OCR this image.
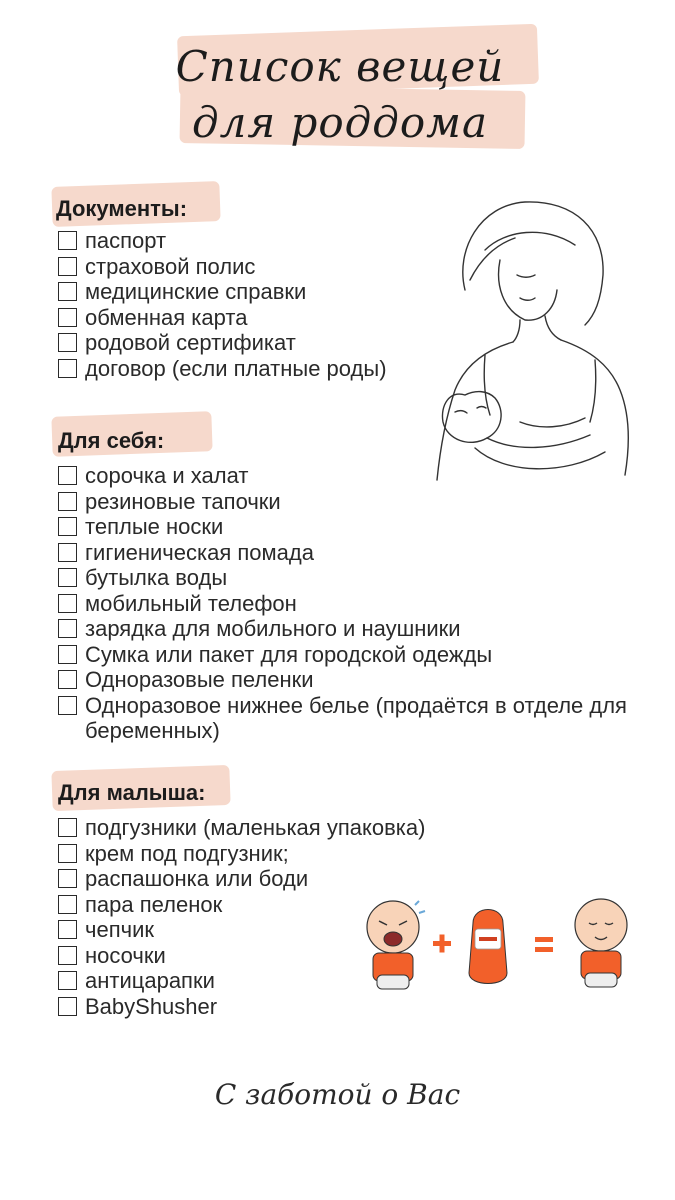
Список вещей
для роддома
Документы:
паспорт
страховой полис
медицинские справки
обменная карта
родовой сертификат
договор (если платные роды)
Для себя:
сорочка и халат
резиновые тапочки
теплые носки
гигиеническая помада
бутылка воды
мобильный телефон
зарядка для мобильного и наушники
Сумка или пакет для городской одежды
Одноразовые пеленки
Одноразовое нижнее белье (продаётся в отделе для беременных)
Для малыша:
подгузники (маленькая упаковка)
крем под подгузник;
распашонка или боди
пара пеленок
чепчик
носочки
антицарапки
BabyShusher
С заботой о Вас
